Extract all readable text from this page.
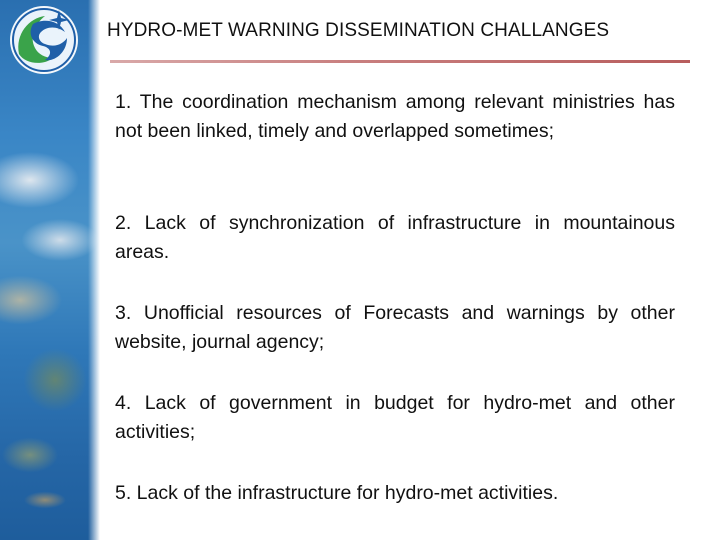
HYDRO-MET WARNING DISSEMINATION CHALLANGES

1. The coordination mechanism among relevant ministries has not been linked, timely and overlapped sometimes;

2. Lack of synchronization of infrastructure in mountainous areas.

3. Unofficial resources of Forecasts and warnings by other website, journal agency;

4. Lack of government in budget for hydro-met and other activities;

5. Lack of the infrastructure for hydro-met activities.
